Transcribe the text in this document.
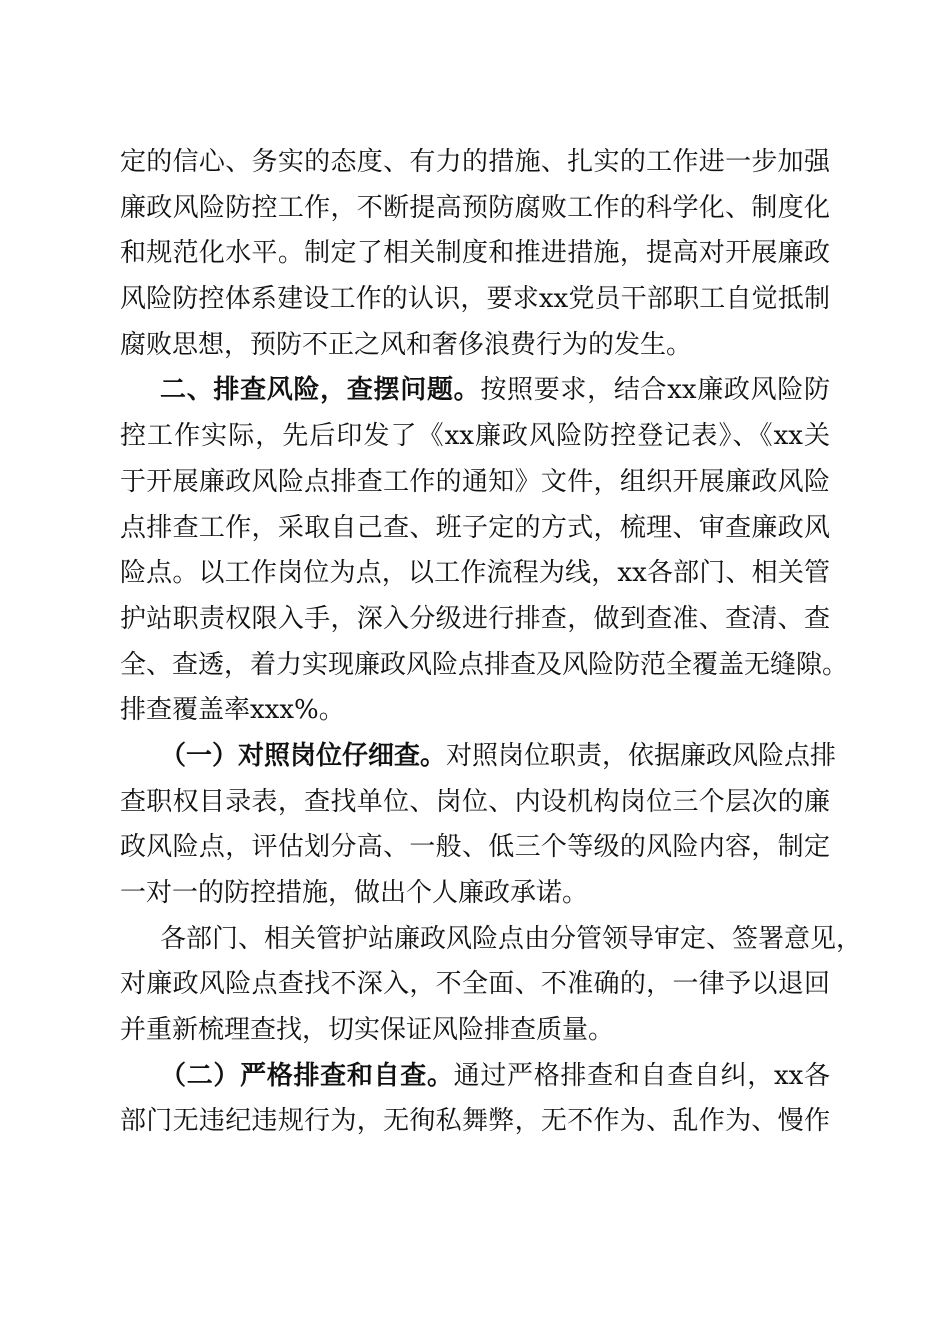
定的信心、务实的态度、有力的措施、扎实的工作进一步加强
廉政风险防控工作，不断提高预防腐败工作的科学化、制度化
和规范化水平。制定了相关制度和推进措施，提高对开展廉政
风险防控体系建设工作的认识，要求xx党员干部职工自觉抵制
腐败思想，预防不正之风和奢侈浪费行为的发生。
二、排查风险，查摆问题。按照要求，结合xx廉政风险防
控工作实际，先后印发了《xx廉政风险防控登记表》、《xx关
于开展廉政风险点排查工作的通知》文件，组织开展廉政风险
点排查工作，采取自己查、班子定的方式，梳理、审查廉政风
险点。以工作岗位为点，以工作流程为线，xx各部门、相关管
护站职责权限入手，深入分级进行排查，做到查准、查清、查
全、查透，着力实现廉政风险点排查及风险防范全覆盖无缝隙。
排查覆盖率xxx%。
（一）对照岗位仔细查。对照岗位职责，依据廉政风险点排
查职权目录表，查找单位、岗位、内设机构岗位三个层次的廉
政风险点，评估划分高、一般、低三个等级的风险内容，制定
一对一的防控措施，做出个人廉政承诺。
各部门、相关管护站廉政风险点由分管领导审定、签署意见，
对廉政风险点查找不深入，不全面、不准确的，一律予以退回
并重新梳理查找，切实保证风险排查质量。
（二）严格排查和自查。通过严格排查和自查自纠，xx各
部门无违纪违规行为，无徇私舞弊，无不作为、乱作为、慢作
